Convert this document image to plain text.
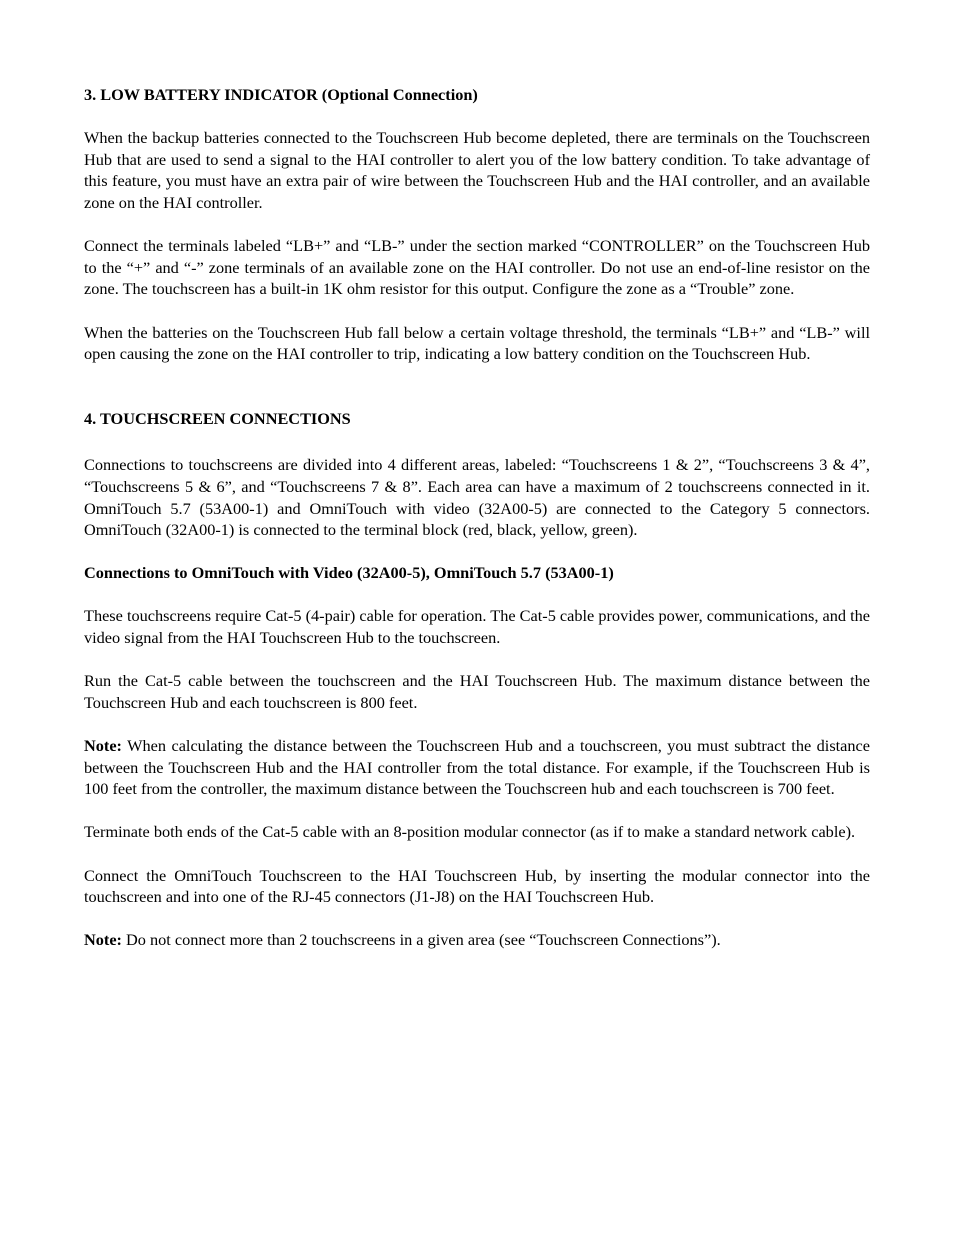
3. LOW BATTERY INDICATOR (Optional Connection)

When the backup batteries connected to the Touchscreen Hub become depleted, there are terminals on the Touchscreen Hub that are used to send a signal to the HAI controller to alert you of the low battery condition. To take advantage of this feature, you must have an extra pair of wire between the Touchscreen Hub and the HAI controller, and an available zone on the HAI controller.

Connect the terminals labeled “LB+” and “LB-” under the section marked “CONTROLLER” on the Touchscreen Hub to the “+” and “-” zone terminals of an available zone on the HAI controller. Do not use an end-of-line resistor on the zone. The touchscreen has a built-in 1K ohm resistor for this output. Configure the zone as a “Trouble” zone.

When the batteries on the Touchscreen Hub fall below a certain voltage threshold, the terminals “LB+” and “LB-” will open causing the zone on the HAI controller to trip, indicating a low battery condition on the Touchscreen Hub.

4. TOUCHSCREEN CONNECTIONS

Connections to touchscreens are divided into 4 different areas, labeled: “Touchscreens 1 & 2”, “Touchscreens 3 & 4”, “Touchscreens 5 & 6”, and “Touchscreens 7 & 8”. Each area can have a maximum of 2 touchscreens connected in it. OmniTouch 5.7 (53A00-1) and OmniTouch with video (32A00-5) are connected to the Category 5 connectors. OmniTouch (32A00-1) is connected to the terminal block (red, black, yellow, green).

Connections to OmniTouch with Video (32A00-5), OmniTouch 5.7 (53A00-1)

These touchscreens require Cat-5 (4-pair) cable for operation. The Cat-5 cable provides power, communications, and the video signal from the HAI Touchscreen Hub to the touchscreen.

Run the Cat-5 cable between the touchscreen and the HAI Touchscreen Hub. The maximum distance between the Touchscreen Hub and each touchscreen is 800 feet.

Note: When calculating the distance between the Touchscreen Hub and a touchscreen, you must subtract the distance between the Touchscreen Hub and the HAI controller from the total distance. For example, if the Touchscreen Hub is 100 feet from the controller, the maximum distance between the Touchscreen hub and each touchscreen is 700 feet.

Terminate both ends of the Cat-5 cable with an 8-position modular connector (as if to make a standard network cable).

Connect the OmniTouch Touchscreen to the HAI Touchscreen Hub, by inserting the modular connector into the touchscreen and into one of the RJ-45 connectors (J1-J8) on the HAI Touchscreen Hub.

Note: Do not connect more than 2 touchscreens in a given area (see “Touchscreen Connections”).
